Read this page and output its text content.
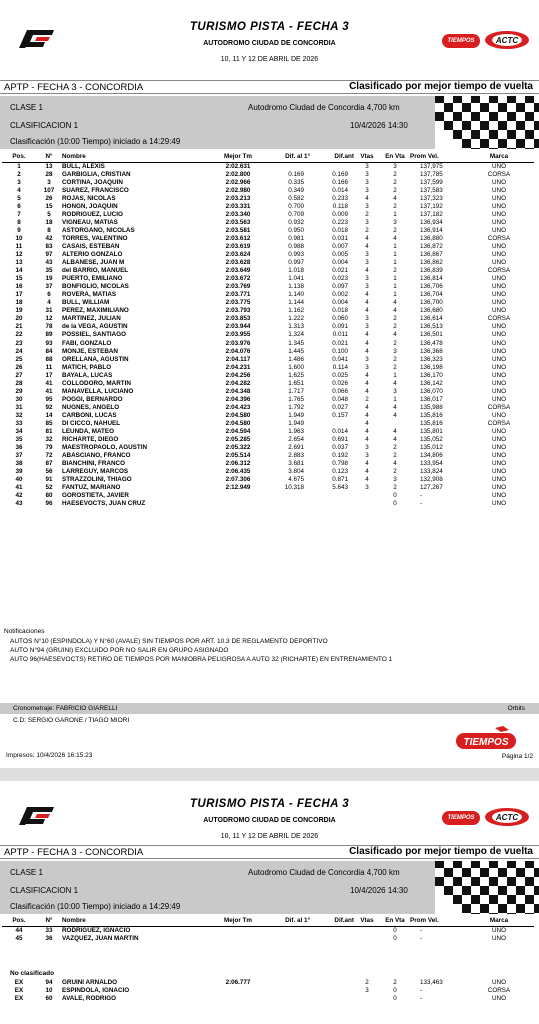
TURISMO PISTA - FECHA 3
AUTODROMO CIUDAD DE CONCORDIA
10, 11 Y 12 DE ABRIL DE 2026
TIEMPOS	ACTC
APTP - FECHA 3 - CONCORDIA	Clasificado por mejor tiempo de vuelta
CLASE 1	Autodromo Ciudad de Concordia 4,700 km
CLASIFICACION 1	10/4/2026 14:30
Clasificación (10:00 Tiempo) iniciado a 14:29:49
Pos.	N°	Nombre	Mejor Tm	Dif. al 1°	Dif.ant	Vtas	En Vta	Prom Vel.	Marca
1	13	BULL, ALEXIS	2:02.631			3	3	137,975	UNO
2	28	GARBIGLIA, CRISTIAN	2:02.800	0.169	0.169	3	2	137,785	CORSA
3	3	CORTINA, JOAQUIN	2:02.966	0.335	0.166	3	2	137,599	UNO
4	107	SUAREZ, FRANCISCO	2:02.980	0.349	0.014	3	2	137,583	UNO
5	26	ROJAS, NICOLAS	2:03.213	0.582	0.233	4	4	137,323	UNO
6	15	HONGN, JOAQUIN	2:03.331	0.700	0.118	3	2	137,192	UNO
7	5	RODRIGUEZ, LUCIO	2:03.340	0.709	0.009	2	1	137,182	UNO
8	18	VIGNEAU, MATIAS	2:03.563	0.932	0.223	3	3	136,934	UNO
9	8	ASTORGANO, NICOLAS	2:03.581	0.950	0.018	2	2	136,914	UNO
10	42	TORRES, VALENTINO	2:03.612	0.981	0.031	4	4	136,880	CORSA
11	83	CASAIS, ESTEBAN	2:03.619	0.988	0.007	4	1	136,872	UNO
12	97	ALTERIO GONZALO	2:03.624	0.993	0.005	3	1	136,867	UNO
13	43	ALBANESE, JUAN M	2:03.628	0.997	0.004	3	1	136,862	UNO
14	35	del BARRIO, MANUEL	2:03.649	1.018	0.021	4	2	136,839	CORSA
15	19	PUERTO, EMILIANO	2:03.672	1.041	0.023	3	1	136,814	UNO
16	37	BONFIGLIO, NICOLAS	2:03.769	1.138	0.097	3	1	136,706	UNO
17	6	ROVERA, MATIAS	2:03.771	1.140	0.002	4	1	136,704	UNO
18	4	BULL, WILLIAM	2:03.775	1.144	0.004	4	4	136,700	UNO
19	31	PEREZ, MAXIMILIANO	2:03.793	1.162	0.018	4	4	136,680	UNO
20	12	MARTINEZ, JULIAN	2:03.853	1.222	0.060	3	2	136,614	CORSA
21	78	de la VEGA, AGUSTIN	2:03.944	1.313	0.091	3	2	136,513	UNO
22	89	POSSIEL, SANTIAGO	2:03.955	1.324	0.011	4	4	136,501	UNO
23	93	FABI, GONZALO	2:03.976	1.345	0.021	4	2	136,478	UNO
24	84	MONJE, ESTEBAN	2:04.076	1.445	0.100	4	3	136,368	UNO
25	88	ORELLANA, AGUSTIN	2:04.117	1.486	0.041	3	2	136,323	UNO
26	11	MATICH, PABLO	2:04.231	1.600	0.114	3	2	136,198	UNO
27	17	BAYALA, LUCAS	2:04.256	1.625	0.025	4	1	136,170	UNO
28	41	COLLODORO, MARTIN	2:04.282	1.651	0.026	4	4	136,142	UNO
29	41	MANAVELLA, LUCIANO	2:04.348	1.717	0.066	4	3	136,070	UNO
30	95	POGGI, BERNARDO	2:04.396	1.765	0.048	2	1	136,017	UNO
31	92	NUGNES, ANGELO	2:04.423	1.792	0.027	4	4	135,988	CORSA
32	14	CARBONI, LUCAS	2:04.580	1.949	0.157	4	4	135,816	UNO
33	85	DI CICCO, NAHUEL	2:04.580	1.949		4		135,816	CORSA
34	81	LEUNDA, MATEO	2:04.594	1.963	0.014	4	4	135,801	UNO
35	32	RICHARTE, DIEGO	2:05.285	2.654	0.691	4	4	135,052	UNO
36	79	MAESTROPAOLO, AGUSTIN	2:05.322	2.691	0.037	3	2	135,012	UNO
37	72	ABASCIANO, FRANCO	2:05.514	2.883	0.192	3	2	134,806	UNO
38	87	BIANCHINI, FRANCO	2:06.312	3.681	0.798	4	4	133,954	UNO
39	56	LARREGUY, MARCOS	2:06.435	3.804	0.123	4	2	133,824	UNO
40	91	STRAZZOLINI, THIAGO	2:07.306	4.675	0.871	4	3	132,908	UNO
41	52	FANTUZ, MARIANO	2:12.949	10.318	5.643	3	2	127,267	UNO
42	80	GOROSTIETA, JAVIER					0	-	UNO
43	96	HAESEVOCTS, JUAN CRUZ					0	-	UNO
Notificaciones
AUTOS N°10 (ESPINDOLA) Y N°60 (AVALE) SIN TIEMPOS POR ART. 10.3 DE REGLAMENTO DEPORTIVO
AUTO N°94 (GRUINI) EXCLUIDO POR NO SALIR EN GRUPO ASIGNADO
AUTO 96(HAESEVOCTS) RETIRO DE TIEMPOS POR MANIOBRA PELIGROSA A AUTO 32 (RICHARTE) EN ENTRENAMIENTO 1
Cronometraje: FABRICIO GIARELLI	Orbits
C.D: SERGIO GARONE / TIAGO MIORI
TIEMPOS
Impresos: 10/4/2026 16:15:23	Página 1/2
TURISMO PISTA - FECHA 3
AUTODROMO CIUDAD DE CONCORDIA
10, 11 Y 12 DE ABRIL DE 2026
TIEMPOS	ACTC
APTP - FECHA 3 - CONCORDIA	Clasificado por mejor tiempo de vuelta
CLASE 1	Autodromo Ciudad de Concordia 4,700 km
CLASIFICACION 1	10/4/2026 14:30
Clasificación (10:00 Tiempo) iniciado a 14:29:49
Pos.	N°	Nombre	Mejor Tm	Dif. al 1°	Dif.ant	Vtas	En Vta	Prom Vel.	Marca
44	33	RODRIGUEZ, IGNACIO					0	-	UNO
45	36	VAZQUEZ, JUAN MARTIN					0	-	UNO
No clasificado
EX	94	GRUINI ARNALDO	2:06.777			2	2	133,463	UNO
EX	10	ESPINDOLA, IGNACIO				3	0	-	CORSA
EX	60	AVALE, RODRIGO					0	-	UNO
